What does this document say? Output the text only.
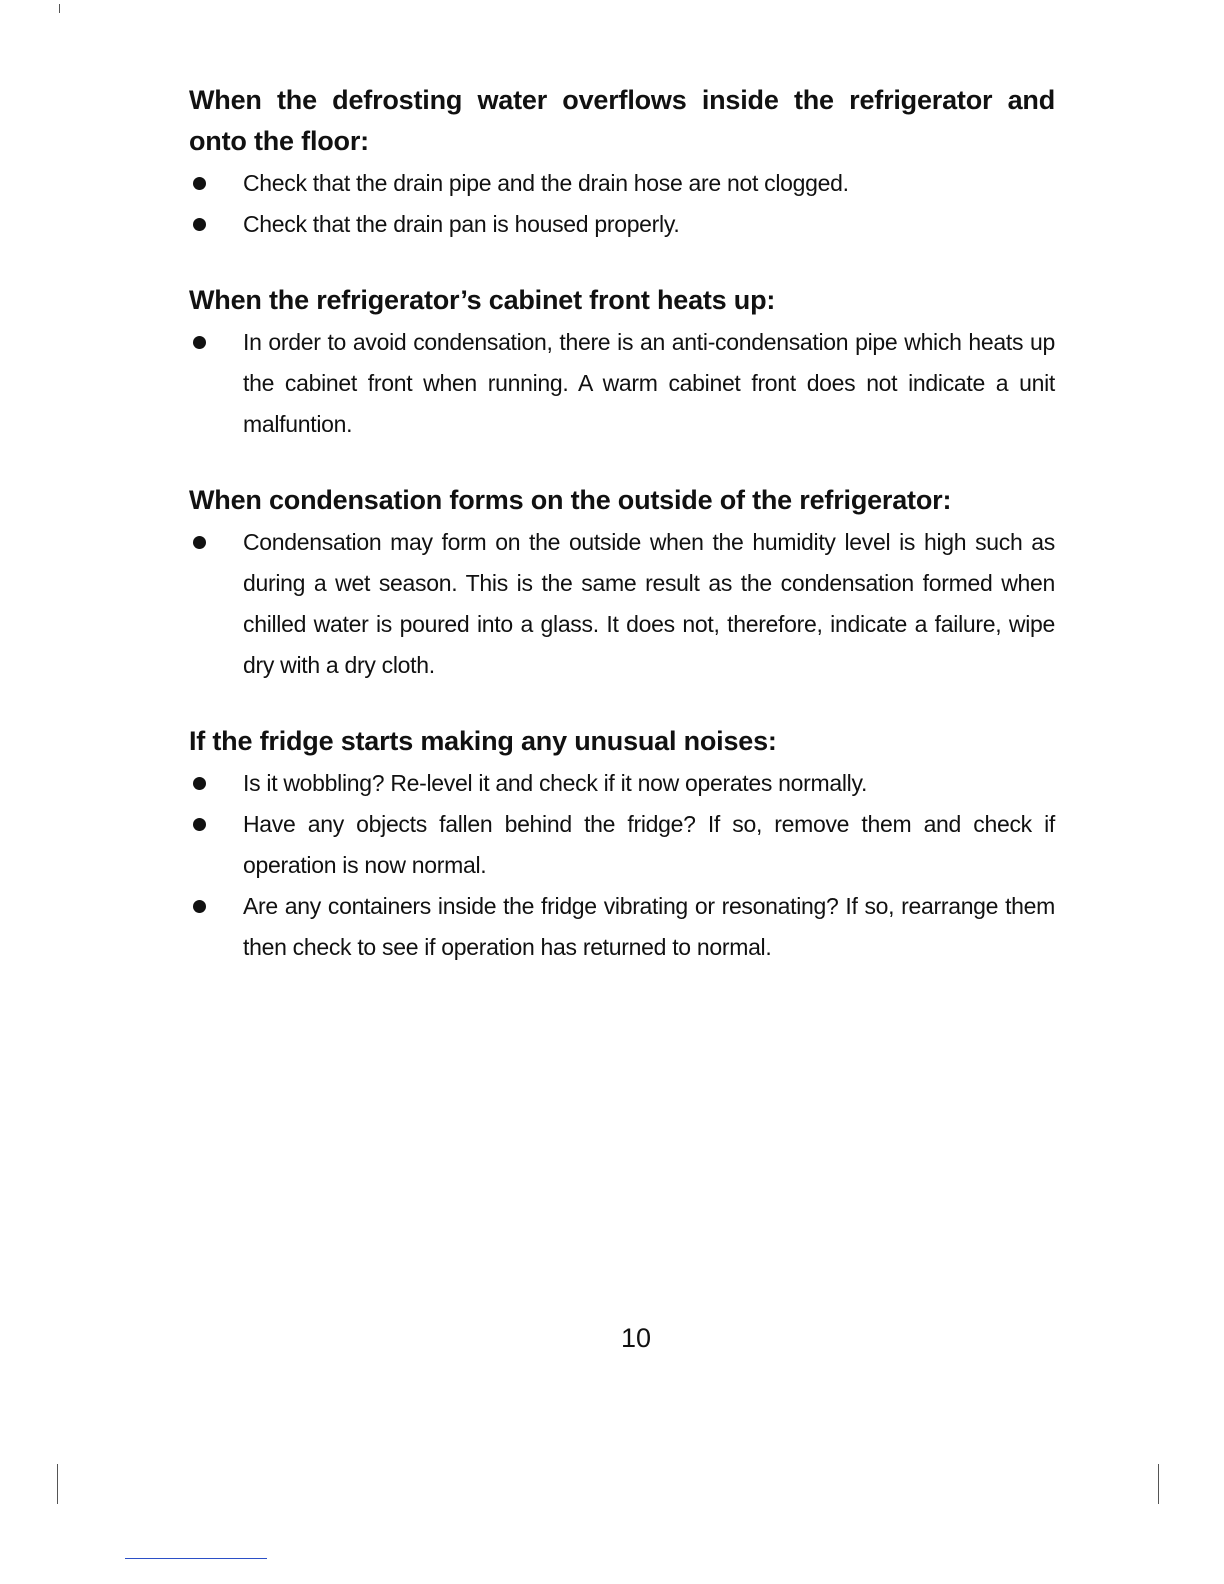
When the defrosting water overflows inside the refrigerator and onto the floor:
Check that the drain pipe and the drain hose are not clogged.
Check that the drain pan is housed properly.
When the refrigerator’s cabinet front heats up:
In order to avoid condensation, there is an anti-condensation pipe which heats up the cabinet front when running. A warm cabinet front does not indicate a unit malfuntion.
When condensation forms on the outside of the refrigerator:
Condensation may form on the outside when the humidity level is high such as during a wet season. This is the same result as the condensation formed when chilled water is poured into a glass. It does not, therefore, indicate a failure, wipe dry with a dry cloth.
If the fridge starts making any unusual noises:
Is it wobbling? Re-level it and check if it now operates normally.
Have any objects fallen behind the fridge? If so, remove them and check if operation is now normal.
Are any containers inside the fridge vibrating or resonating? If so, rearrange them then check to see if operation has returned to normal.
10
